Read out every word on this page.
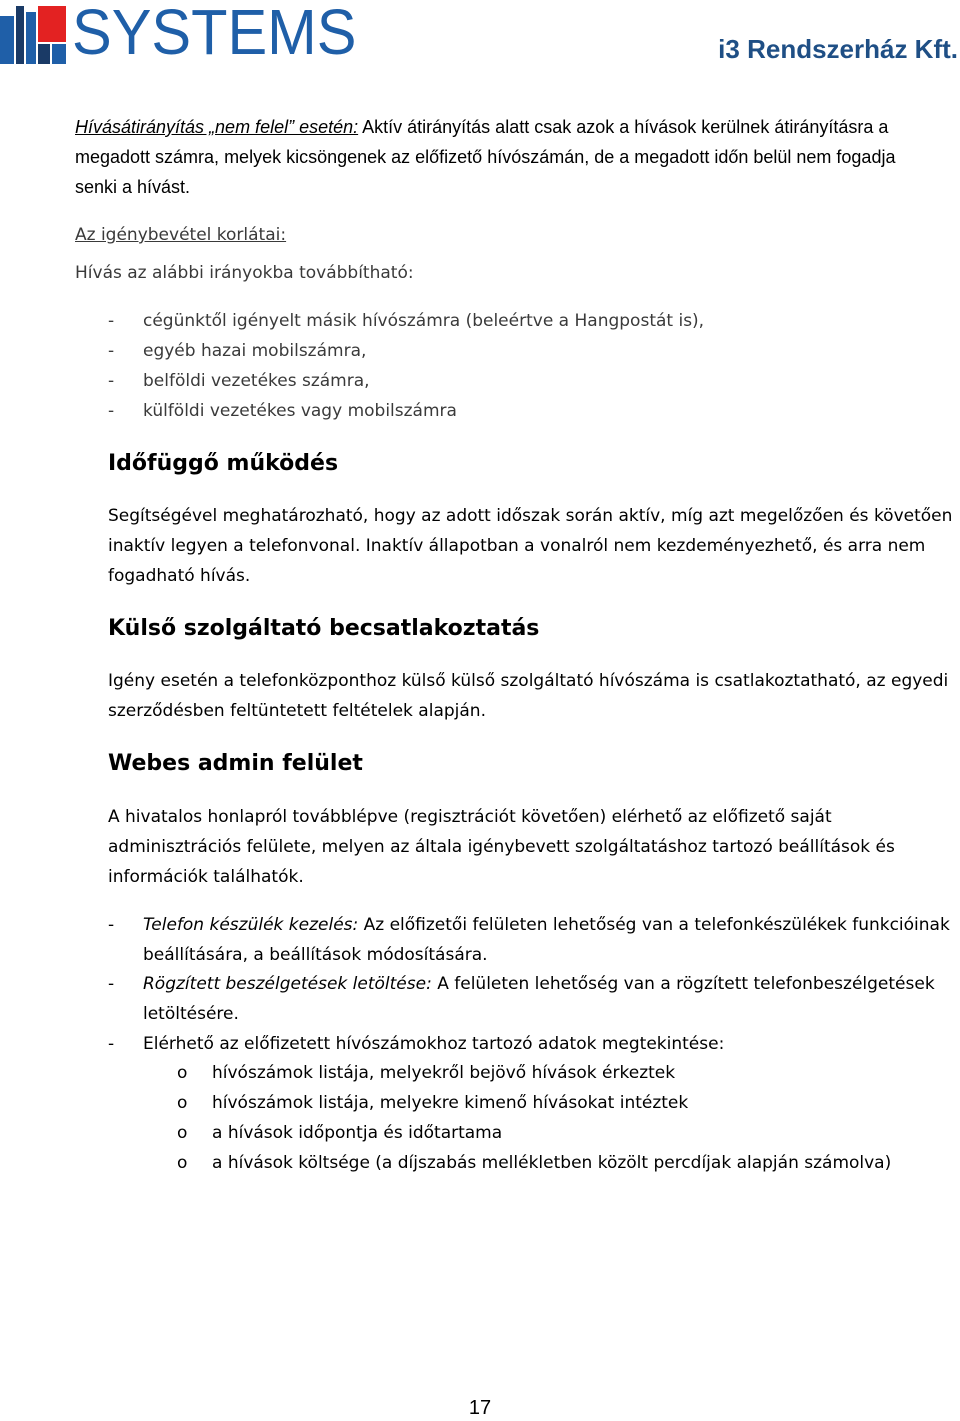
SYSTEMS	i3 Rendszerház Kft.
Hívásátirányítás „nem felel” esetén: Aktív átirányítás alatt csak azok a hívások kerülnek átirányításra a
megadott számra, melyek kicsöngenek az előfizető hívószámán, de a megadott időn belül nem fogadja
senki a hívást.
Az igénybevétel korlátai:
Hívás az alábbi irányokba továbbítható:
- cégünktől igényelt másik hívószámra (beleértve a Hangpostát is),
- egyéb hazai mobilszámra,
- belföldi vezetékes számra,
- külföldi vezetékes vagy mobilszámra
Időfüggő működés
Segítségével meghatározható, hogy az adott időszak során aktív, míg azt megelőzően és követően
inaktív legyen a telefonvonal. Inaktív állapotban a vonalról nem kezdeményezhető, és arra nem
fogadható hívás.
Külső szolgáltató becsatlakoztatás
Igény esetén a telefonközponthoz külső külső szolgáltató hívószáma is csatlakoztatható, az egyedi
szerződésben feltüntetett feltételek alapján.
Webes admin felület
A hivatalos honlapról továbblépve (regisztrációt követően) elérhető az előfizető saját
adminisztrációs felülete, melyen az általa igénybevett szolgáltatáshoz tartozó beállítások és
információk találhatók.
- Telefon készülék kezelés: Az előfizetői felületen lehetőség van a telefonkészülékek funkcióinak
beállítására, a beállítások módosítására.
- Rögzített beszélgetések letöltése: A felületen lehetőség van a rögzített telefonbeszélgetések
letöltésére.
- Elérhető az előfizetett hívószámokhoz tartozó adatok megtekintése:
o hívószámok listája, melyekről bejövő hívások érkeztek
o hívószámok listája, melyekre kimenő hívásokat intéztek
o a hívások időpontja és időtartama
o a hívások költsége (a díjszabás mellékletben közölt percdíjak alapján számolva)
17
